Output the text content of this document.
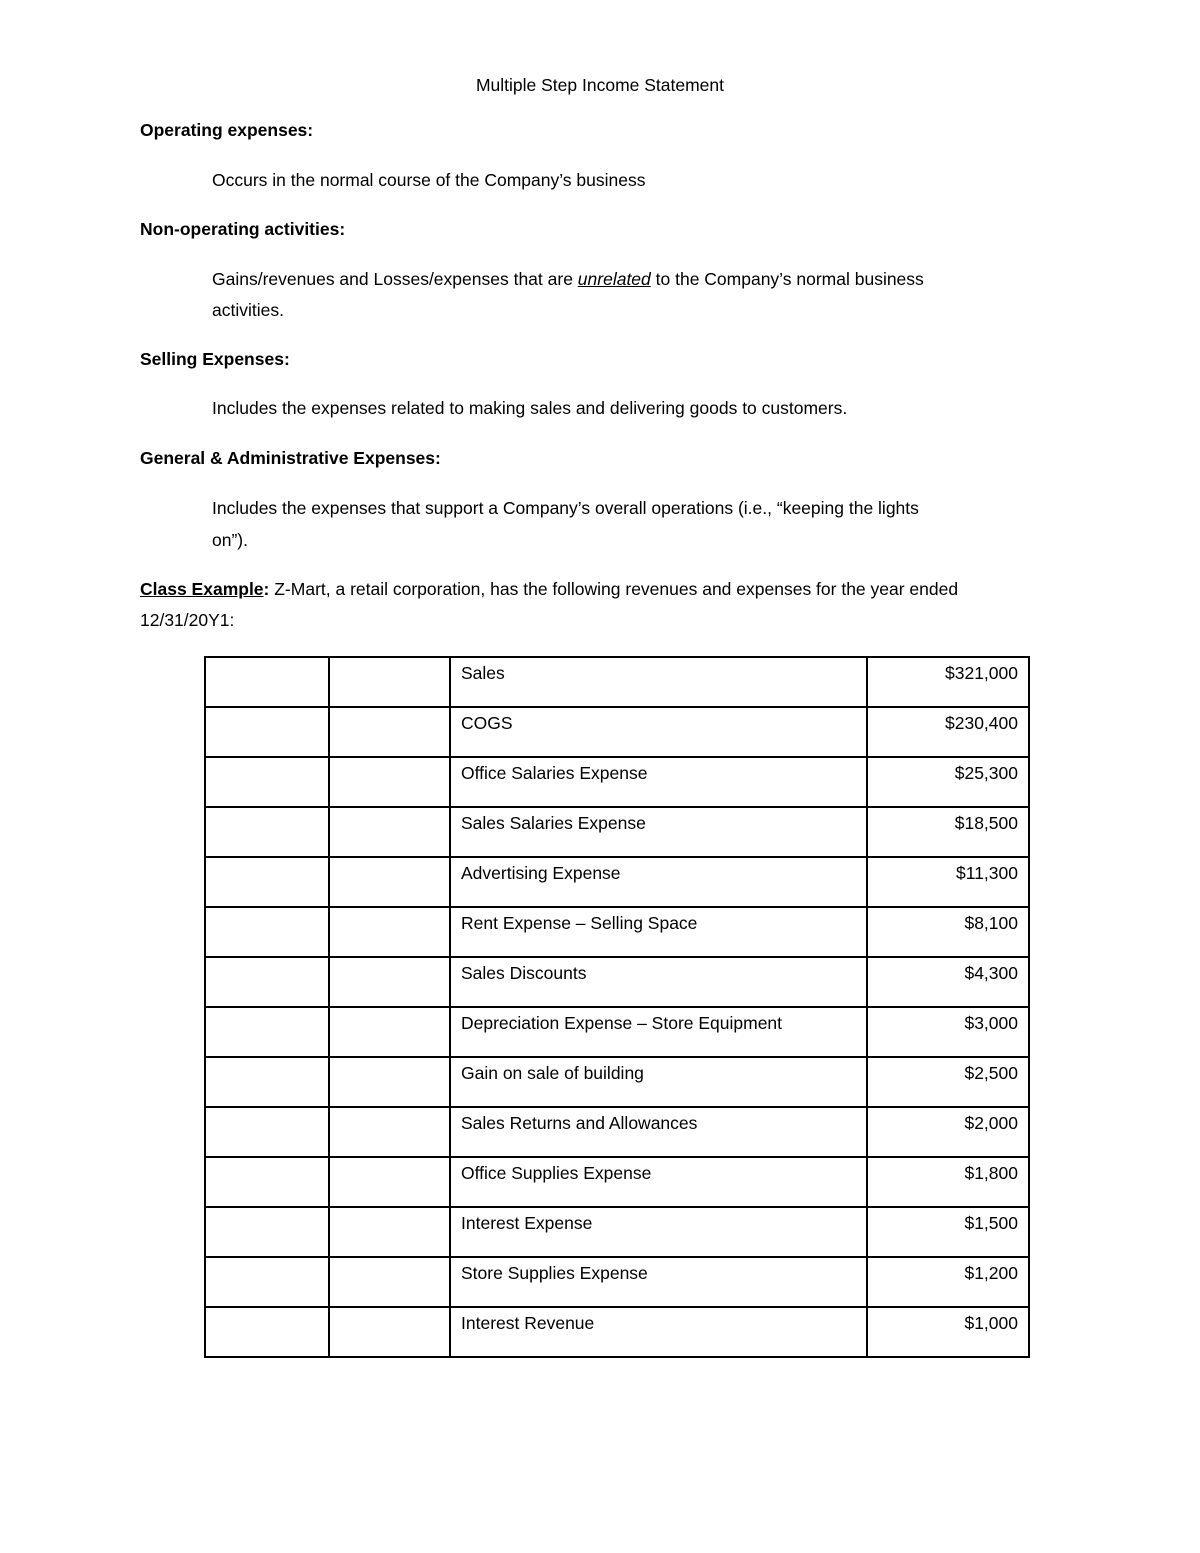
Multiple Step Income Statement
Operating expenses:
Occurs in the normal course of the Company’s business
Non-operating activities:
Gains/revenues and Losses/expenses that are unrelated to the Company’s normal business
activities.
Selling Expenses:
Includes the expenses related to making sales and delivering goods to customers.
General & Administrative Expenses:
Includes the expenses that support a Company’s overall operations (i.e., “keeping the lights
on”).
Class Example: Z-Mart, a retail corporation, has the following revenues and expenses for the year ended
12/31/20Y1:
		Sales	$321,000
		COGS	$230,400
		Office Salaries Expense	$25,300
		Sales Salaries Expense	$18,500
		Advertising Expense	$11,300
		Rent Expense – Selling Space	$8,100
		Sales Discounts	$4,300
		Depreciation Expense – Store Equipment	$3,000
		Gain on sale of building	$2,500
		Sales Returns and Allowances	$2,000
		Office Supplies Expense	$1,800
		Interest Expense	$1,500
		Store Supplies Expense	$1,200
		Interest Revenue	$1,000
